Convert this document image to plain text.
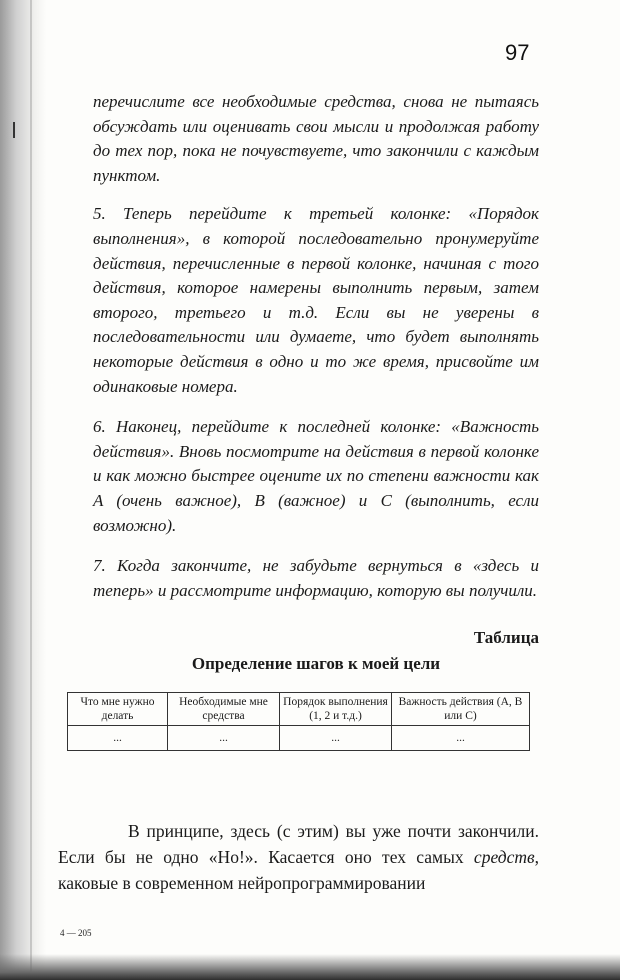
97

перечислите все необходимые средства, снова не пытаясь обсуждать или оценивать свои мысли и продолжая работу до тех пор, пока не почувствуете, что закончили с каждым пунктом.

5. Теперь перейдите к третьей колонке: «Порядок выполнения», в которой последовательно пронумеруйте действия, перечисленные в первой колонке, начиная с того действия, которое намерены выполнить первым, затем второго, третьего и т.д. Если вы не уверены в последовательности или думаете, что будет выполнять некоторые действия в одно и то же время, присвойте им одинаковые номера.

6. Наконец, перейдите к последней колонке: «Важность действия». Вновь посмотрите на действия в первой колонке и как можно быстрее оцените их по степени важности как A (очень важное), B (важное) и C (выполнить, если возможно).

7. Когда закончите, не забудьте вернуться в «здесь и теперь» и рассмотрите информацию, которую вы получили.

Таблица
Определение шагов к моей цели
Что мне нужно делать	Необходимые мне средства	Порядок выполнения (1, 2 и т.д.)	Важность действия (A, B или C)
...	...	...	...

В принципе, здесь (с этим) вы уже почти закончили. Если бы не одно «Но!». Касается оно тех самых средств, каковые в современном нейропрограммировании

4 — 205
